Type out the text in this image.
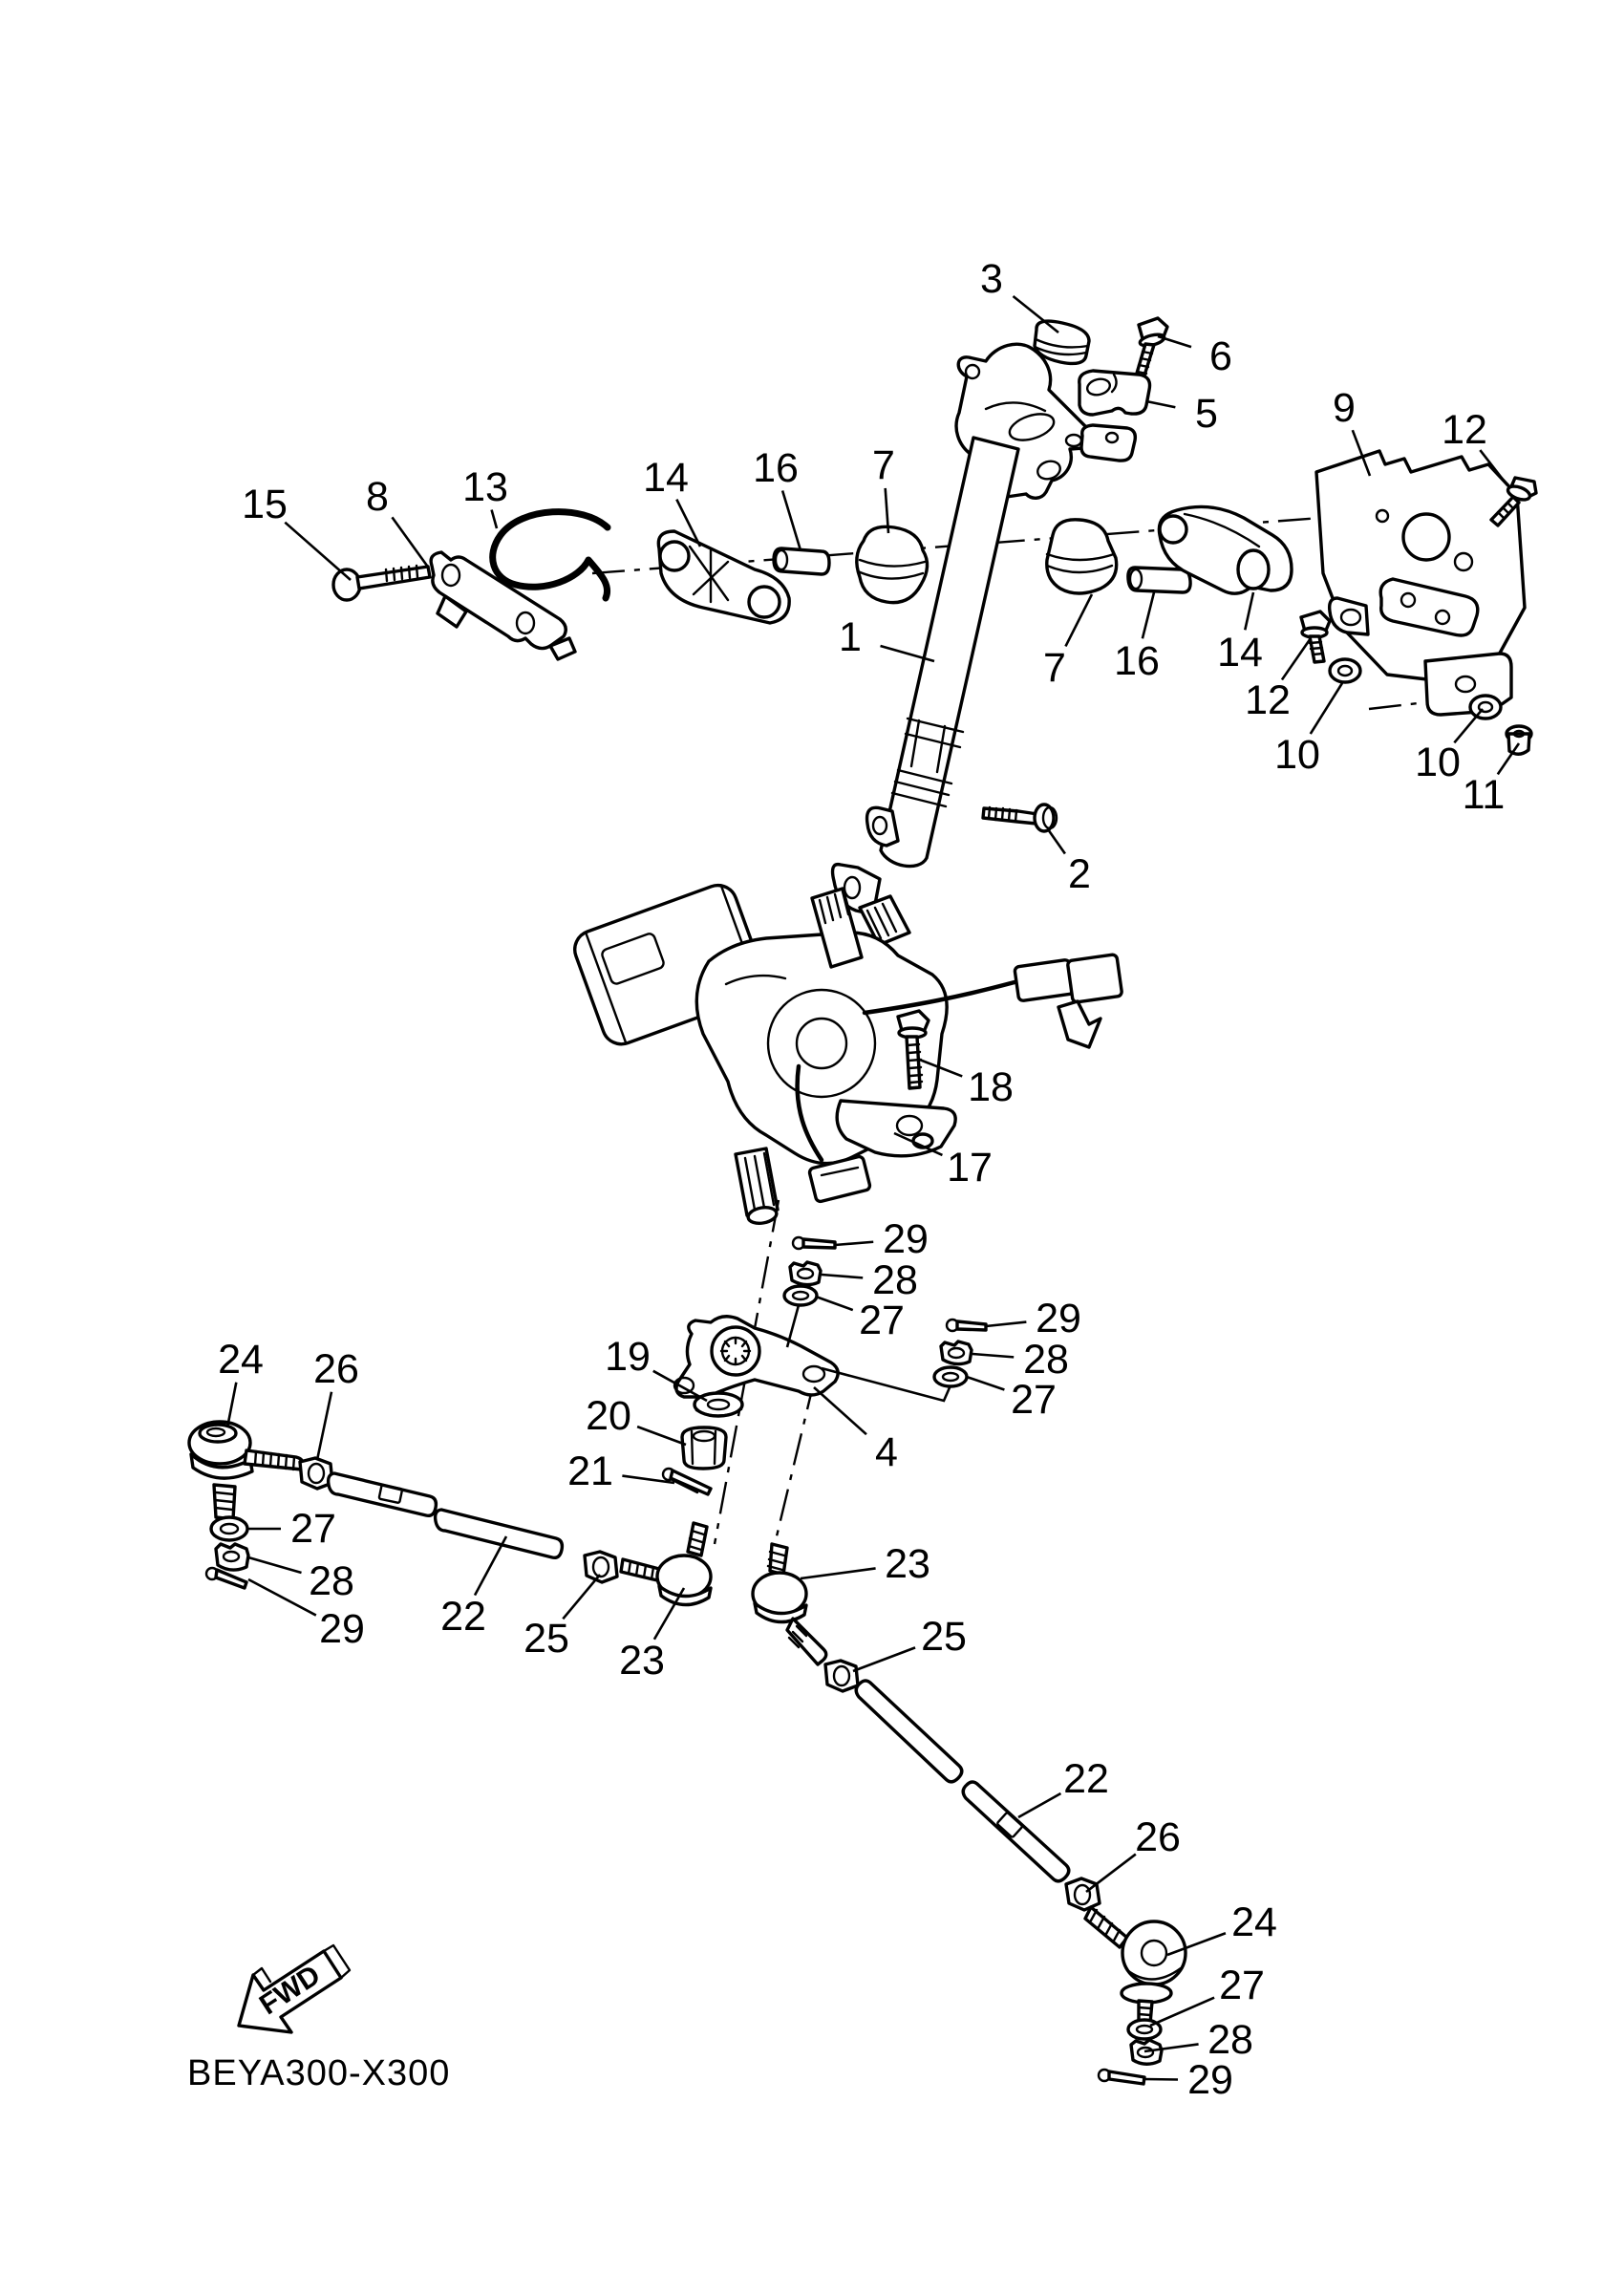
3
6
5	9 12
15 8 13	14 16 7
1
7 16 14
12
10 10
11
2
18
17
29
28
27	29
28
27
19
20
21	4
24 26
27
28
29 22 25 23
23
25
22
26
24
27
28
29
FWD
BEYA300-X300
